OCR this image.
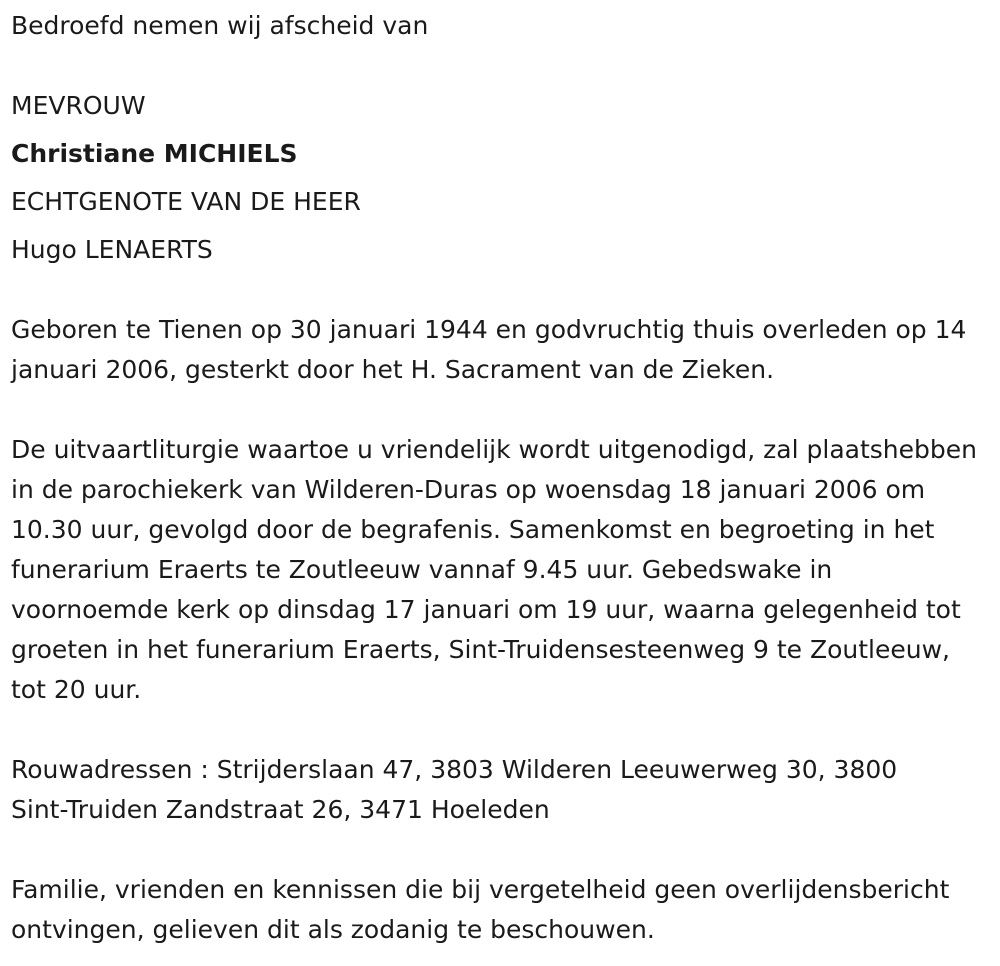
Bedroefd nemen wij afscheid van
MEVROUW
Christiane MICHIELS
ECHTGENOTE VAN DE HEER
Hugo LENAERTS

Geboren te Tienen op 30 januari 1944 en godvruchtig thuis overleden op 14 januari 2006, gesterkt door het H. Sacrament van de Zieken.

De uitvaartliturgie waartoe u vriendelijk wordt uitgenodigd, zal plaatshebben in de parochiekerk van Wilderen-Duras op woensdag 18 januari 2006 om 10.30 uur, gevolgd door de begrafenis. Samenkomst en begroeting in het funerarium Eraerts te Zoutleeuw vannaf 9.45 uur. Gebedswake in voornoemde kerk op dinsdag 17 januari om 19 uur, waarna gelegenheid tot groeten in het funerarium Eraerts, Sint-Truidensesteenweg 9 te Zoutleeuw, tot 20 uur.

Rouwadressen : Strijderslaan 47, 3803 Wilderen Leeuwerweg 30, 3800 Sint-Truiden Zandstraat 26, 3471 Hoeleden

Familie, vrienden en kennissen die bij vergetelheid geen overlijdensbericht ontvingen, gelieven dit als zodanig te beschouwen.
